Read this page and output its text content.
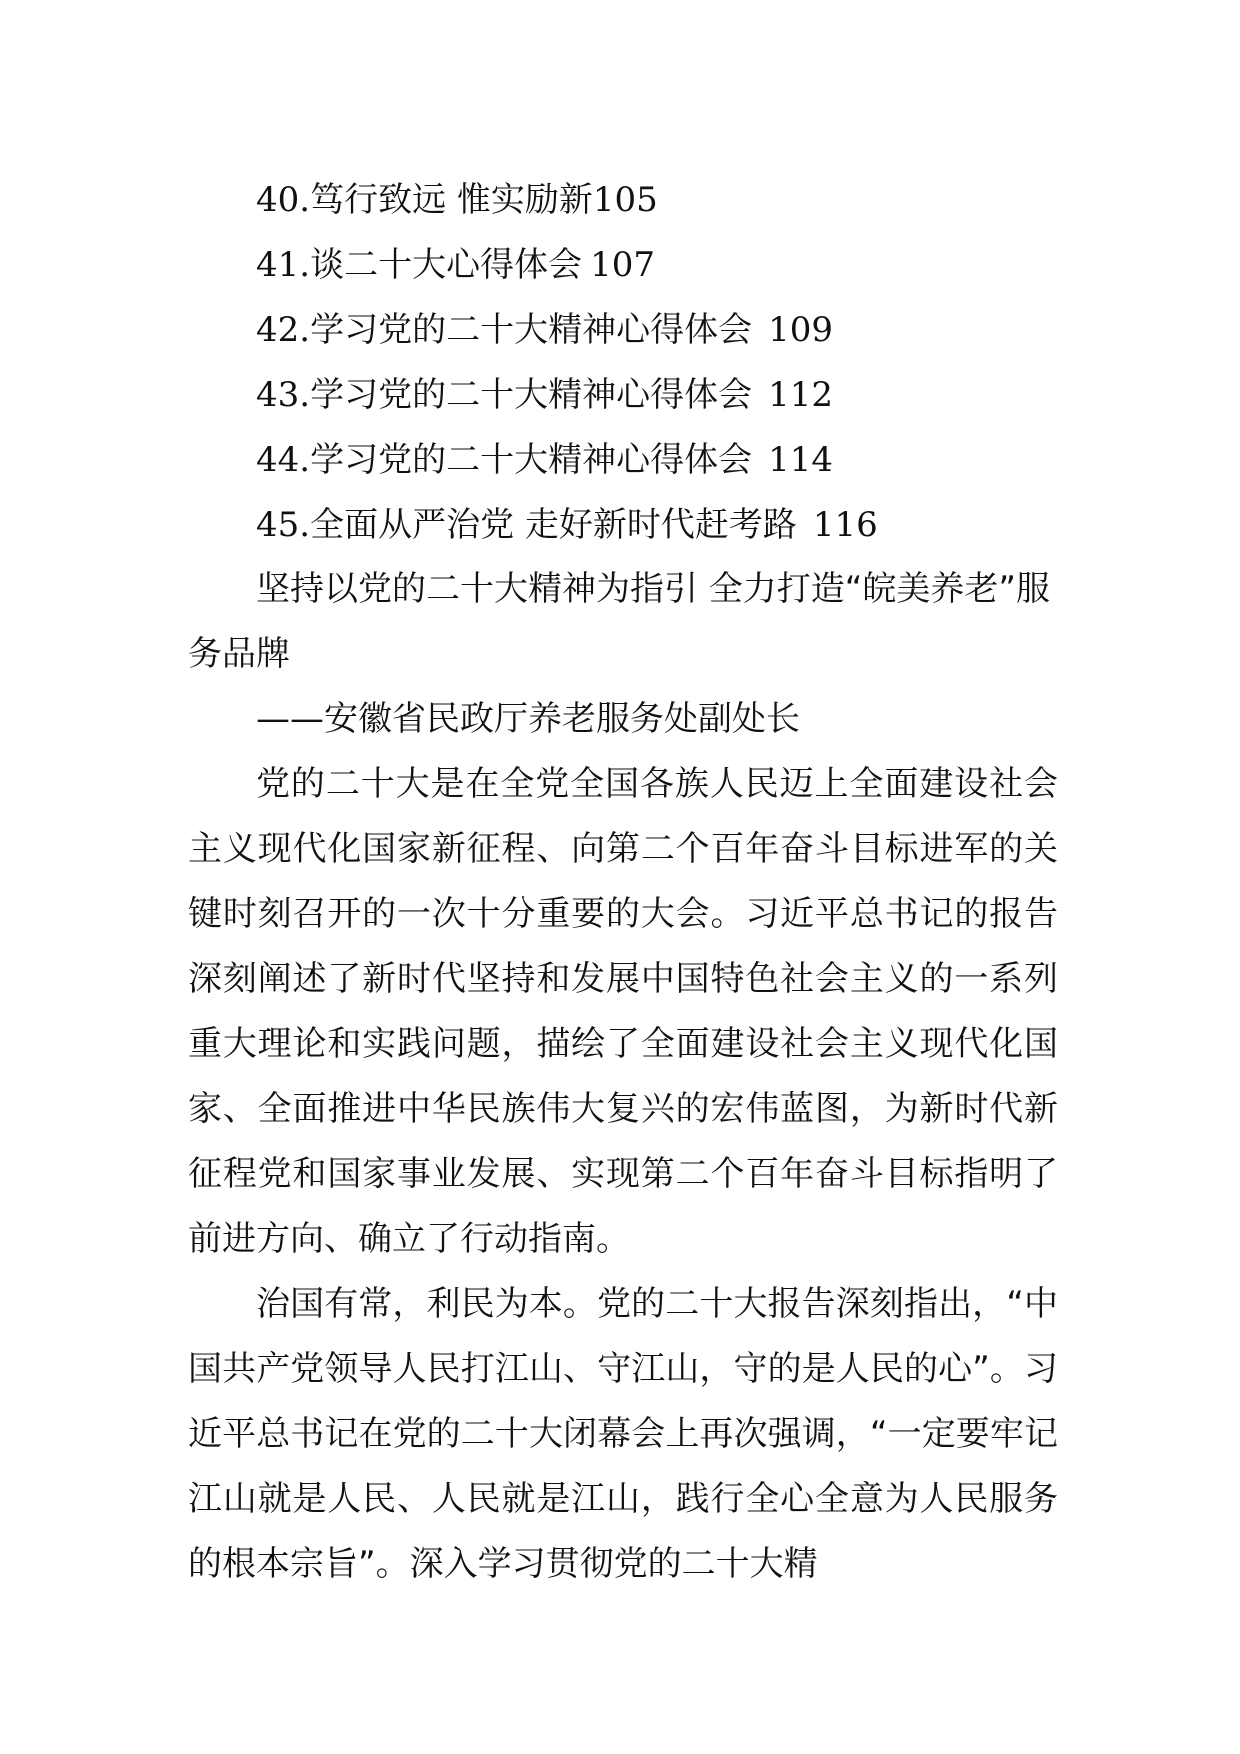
40.笃行致远 惟实励新105
41.谈二十大心得体会 107
42.学习党的二十大精神心得体会 109
43.学习党的二十大精神心得体会 112
44.学习党的二十大精神心得体会 114
45.全面从严治党 走好新时代赶考路 116

坚持以党的二十大精神为指引 全力打造“皖美养老”服务品牌

——安徽省民政厅养老服务处副处长

党的二十大是在全党全国各族人民迈上全面建设社会主义现代化国家新征程、向第二个百年奋斗目标进军的关键时刻召开的一次十分重要的大会。习近平总书记的报告深刻阐述了新时代坚持和发展中国特色社会主义的一系列重大理论和实践问题，描绘了全面建设社会主义现代化国家、全面推进中华民族伟大复兴的宏伟蓝图，为新时代新征程党和国家事业发展、实现第二个百年奋斗目标指明了前进方向、确立了行动指南。

治国有常，利民为本。党的二十大报告深刻指出，“中国共产党领导人民打江山、守江山，守的是人民的心”。习近平总书记在党的二十大闭幕会上再次强调，“一定要牢记江山就是人民、人民就是江山，践行全心全意为人民服务的根本宗旨”。深入学习贯彻党的二十大精
